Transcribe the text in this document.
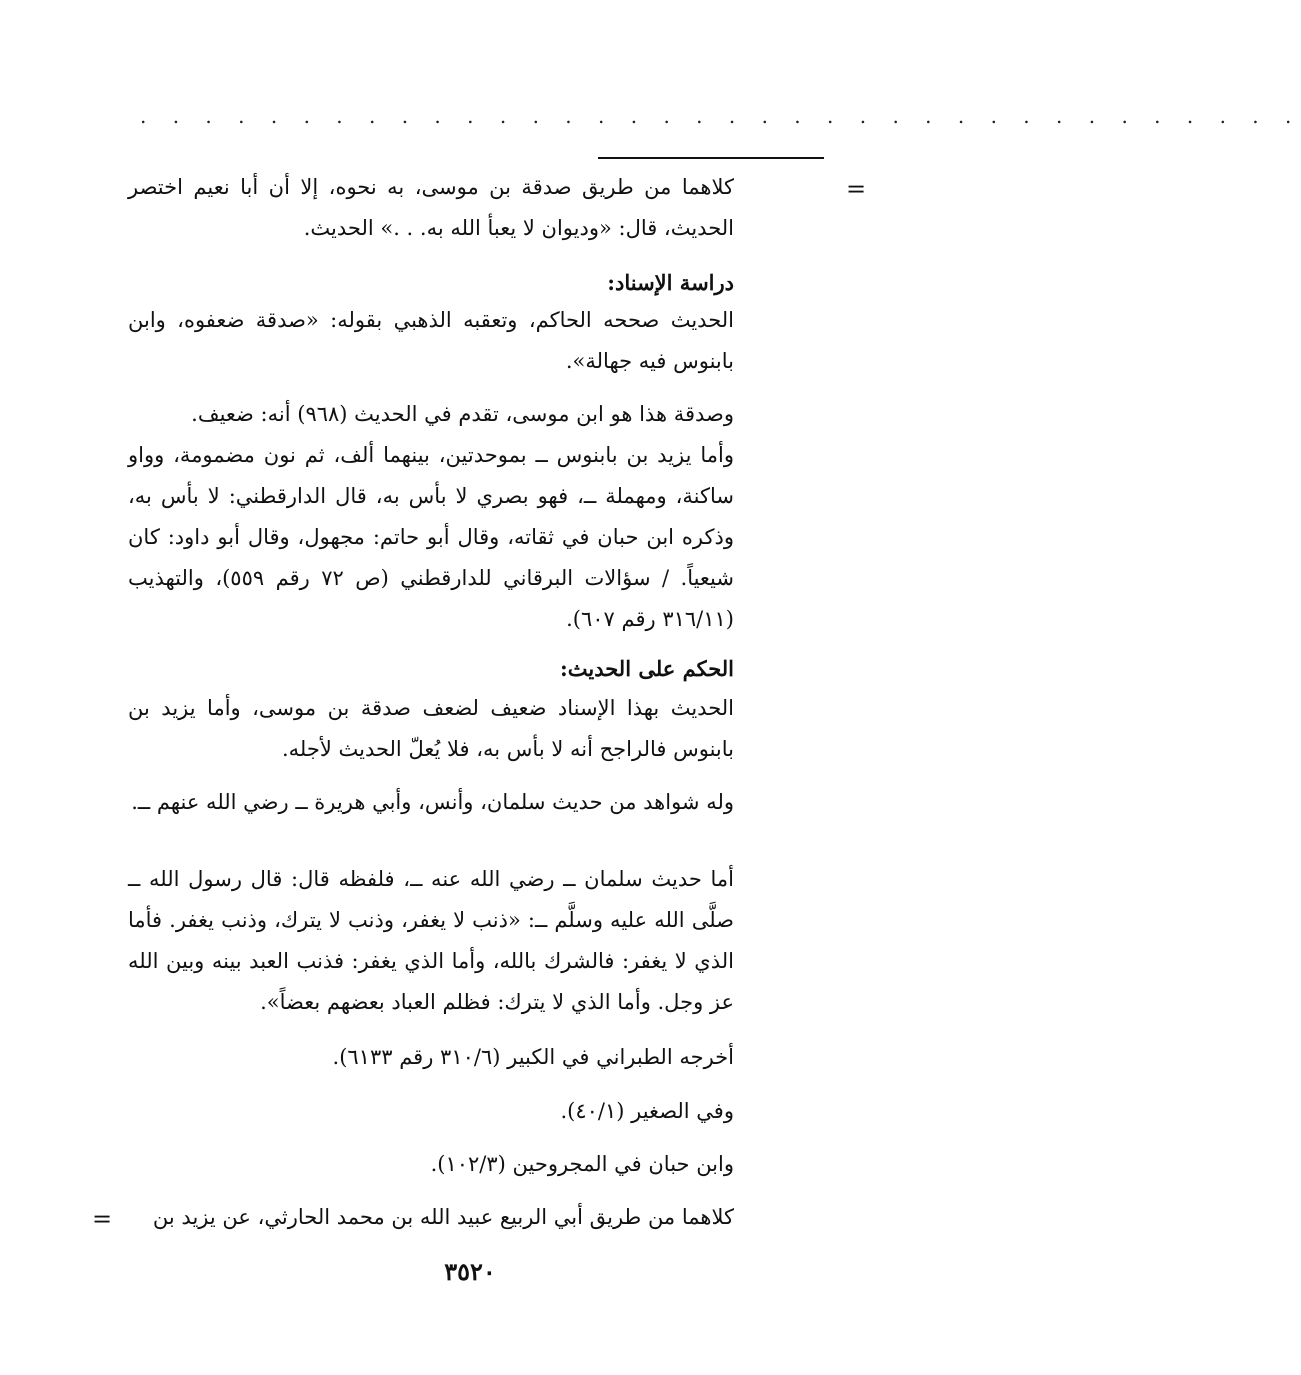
. . . . . . . . . . . . . . . . . . . . . . . . . . . . . . . . . . . .
=
كلاهما من طريق صدقة بن موسى، به نحوه، إلا أن أبا نعيم اختصر الحديث، قال: «وديوان لا يعبأ الله به. . .» الحديث.
دراسة الإسناد:
الحديث صححه الحاكم، وتعقبه الذهبي بقوله: «صدقة ضعفوه، وابن بابنوس فيه جهالة».
وصدقة هذا هو ابن موسى، تقدم في الحديث (٩٦٨) أنه: ضعيف.
وأما يزيد بن بابنوس ــ بموحدتين، بينهما ألف، ثم نون مضمومة، وواو ساكنة، ومهملة ــ، فهو بصري لا بأس به، قال الدارقطني: لا بأس به، وذكره ابن حبان في ثقاته، وقال أبو حاتم: مجهول، وقال أبو داود: كان شيعياً. / سؤالات البرقاني للدارقطني (ص ٧٢ رقم ٥٥٩)، والتهذيب (٣١٦/١١ رقم ٦٠٧).
الحكم على الحديث:
الحديث بهذا الإسناد ضعيف لضعف صدقة بن موسى، وأما يزيد بن بابنوس فالراجح أنه لا بأس به، فلا يُعلّ الحديث لأجله.
وله شواهد من حديث سلمان، وأنس، وأبي هريرة ــ رضي الله عنهم ــ.
أما حديث سلمان ــ رضي الله عنه ــ، فلفظه قال: قال رسول الله ــ صلَّى الله عليه وسلَّم ــ: «ذنب لا يغفر، وذنب لا يترك، وذنب يغفر. فأما الذي لا يغفر: فالشرك بالله، وأما الذي يغفر: فذنب العبد بينه وبين الله عز وجل. وأما الذي لا يترك: فظلم العباد بعضهم بعضاً».
أخرجه الطبراني في الكبير (٣١٠/٦ رقم ٦١٣٣).
وفي الصغير (٤٠/١).
وابن حبان في المجروحين (١٠٢/٣).
كلاهما من طريق أبي الربيع عبيد الله بن محمد الحارثي، عن يزيد بن
=
٣٥٢٠
